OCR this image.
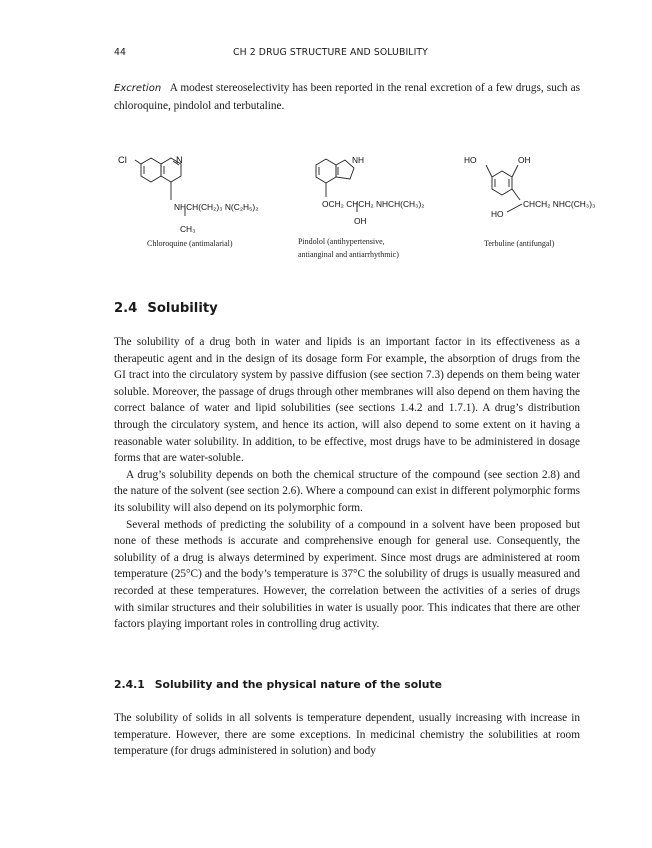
44	CH 2 DRUG STRUCTURE AND SOLUBILITY
Excretion A modest stereoselectivity has been reported in the renal excretion of a few drugs, such as chloroquine, pindolol and terbutaline.
Cl	N
NHCH(CH₂)₃ N(C₂H₅)₂
CH₃
NH
OCH₂ CHCH₂ NHCH(CH₃)₂
OH
HO	OH
CHCH₂ NHC(CH₃)₃
HO
Chloroquine (antimalarial)	Pindolol (antihypertensive,
antianginal and antiarrhythmic)
Terbuline (antifungal)
2.4 Solubility
The solubility of a drug both in water and lipids is an important factor in its effectiveness as a therapeutic agent and in the design of its dosage form For example, the absorption of drugs from the GI tract into the circulatory system by passive diffusion (see section 7.3) depends on them being water soluble. Moreover, the passage of drugs through other membranes will also depend on them having the correct balance of water and lipid solubilities (see sections 1.4.2 and 1.7.1). A drug’s distribution through the circulatory system, and hence its action, will also depend to some extent on it having a reasonable water solubility. In addition, to be effective, most drugs have to be administered in dosage forms that are water-soluble.
A drug’s solubility depends on both the chemical structure of the compound (see section 2.8) and the nature of the solvent (see section 2.6). Where a compound can exist in different polymorphic forms its solubility will also depend on its polymorphic form.
Several methods of predicting the solubility of a compound in a solvent have been proposed but none of these methods is accurate and comprehensive enough for general use. Consequently, the solubility of a drug is always determined by experiment. Since most drugs are administered at room temperature (25°C) and the body’s temperature is 37°C the solubility of drugs is usually measured and recorded at these temperatures. However, the correlation between the activities of a series of drugs with similar structures and their solubilities in water is usually poor. This indicates that there are other factors playing important roles in controlling drug activity.
2.4.1 Solubility and the physical nature of the solute
The solubility of solids in all solvents is temperature dependent, usually increasing with increase in temperature. However, there are some exceptions. In medicinal chemistry the solubilities at room temperature (for drugs administered in solution) and body
